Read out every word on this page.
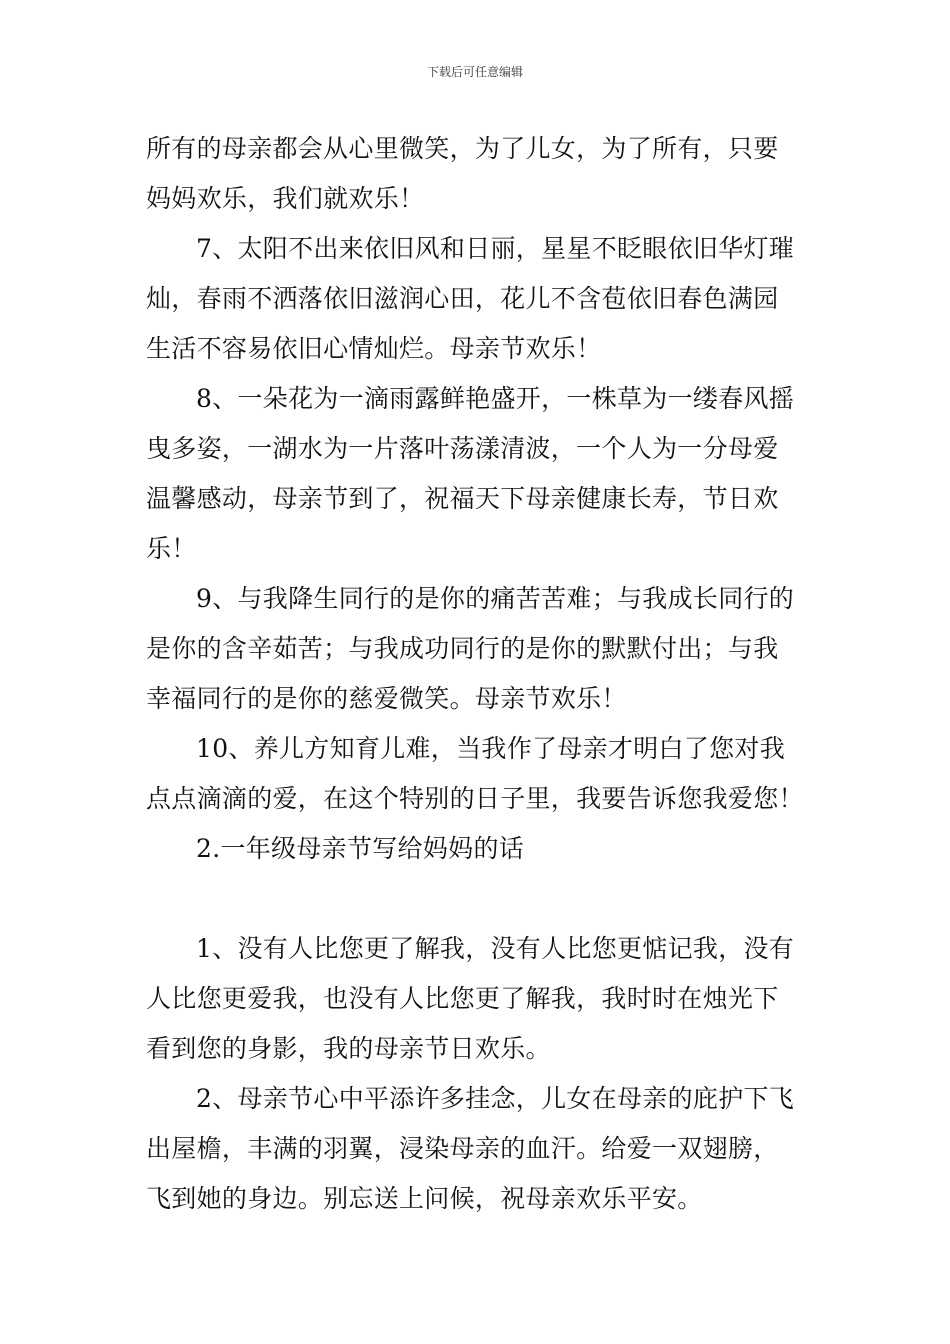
下载后可任意编辑
所有的母亲都会从心里微笑，为了儿女，为了所有，只要
妈妈欢乐，我们就欢乐！
7、太阳不出来依旧风和日丽，星星不眨眼依旧华灯璀
灿，春雨不洒落依旧滋润心田，花儿不含苞依旧春色满园
生活不容易依旧心情灿烂。母亲节欢乐！
8、一朵花为一滴雨露鲜艳盛开，一株草为一缕春风摇
曳多姿，一湖水为一片落叶荡漾清波，一个人为一分母爱
温馨感动，母亲节到了，祝福天下母亲健康长寿，节日欢
乐！
9、与我降生同行的是你的痛苦苦难；与我成长同行的
是你的含辛茹苦；与我成功同行的是你的默默付出；与我
幸福同行的是你的慈爱微笑。母亲节欢乐！
10、养儿方知育儿难，当我作了母亲才明白了您对我
点点滴滴的爱，在这个特别的日子里，我要告诉您我爱您！
2.一年级母亲节写给妈妈的话
1、没有人比您更了解我，没有人比您更惦记我，没有
人比您更爱我，也没有人比您更了解我，我时时在烛光下
看到您的身影，我的母亲节日欢乐。
2、母亲节心中平添许多挂念，儿女在母亲的庇护下飞
出屋檐，丰满的羽翼，浸染母亲的血汗。给爱一双翅膀，
飞到她的身边。别忘送上问候，祝母亲欢乐平安。
